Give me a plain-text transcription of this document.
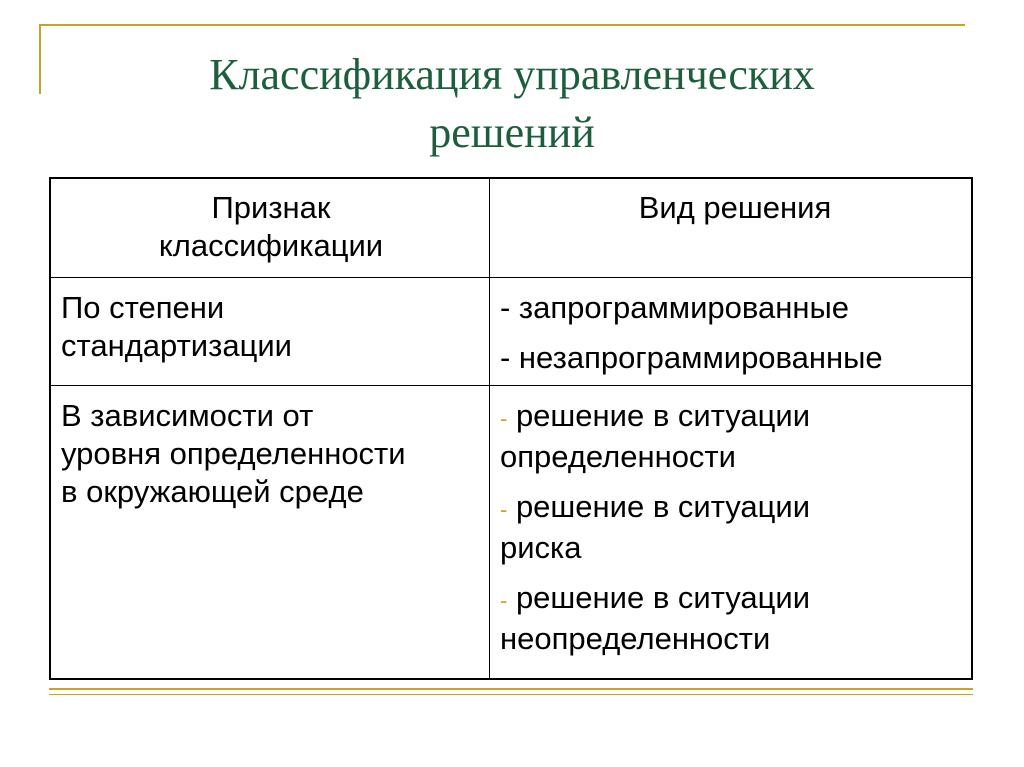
Классификация управленческих
решений
Признак
классификации
Вид решения
По степени
стандартизации
- запрограммированные
- незапрограммированные
В зависимости от
уровня определенности
в окружающей среде
- решение в ситуации
определенности
- решение в ситуации
риска
- решение в ситуации
неопределенности
